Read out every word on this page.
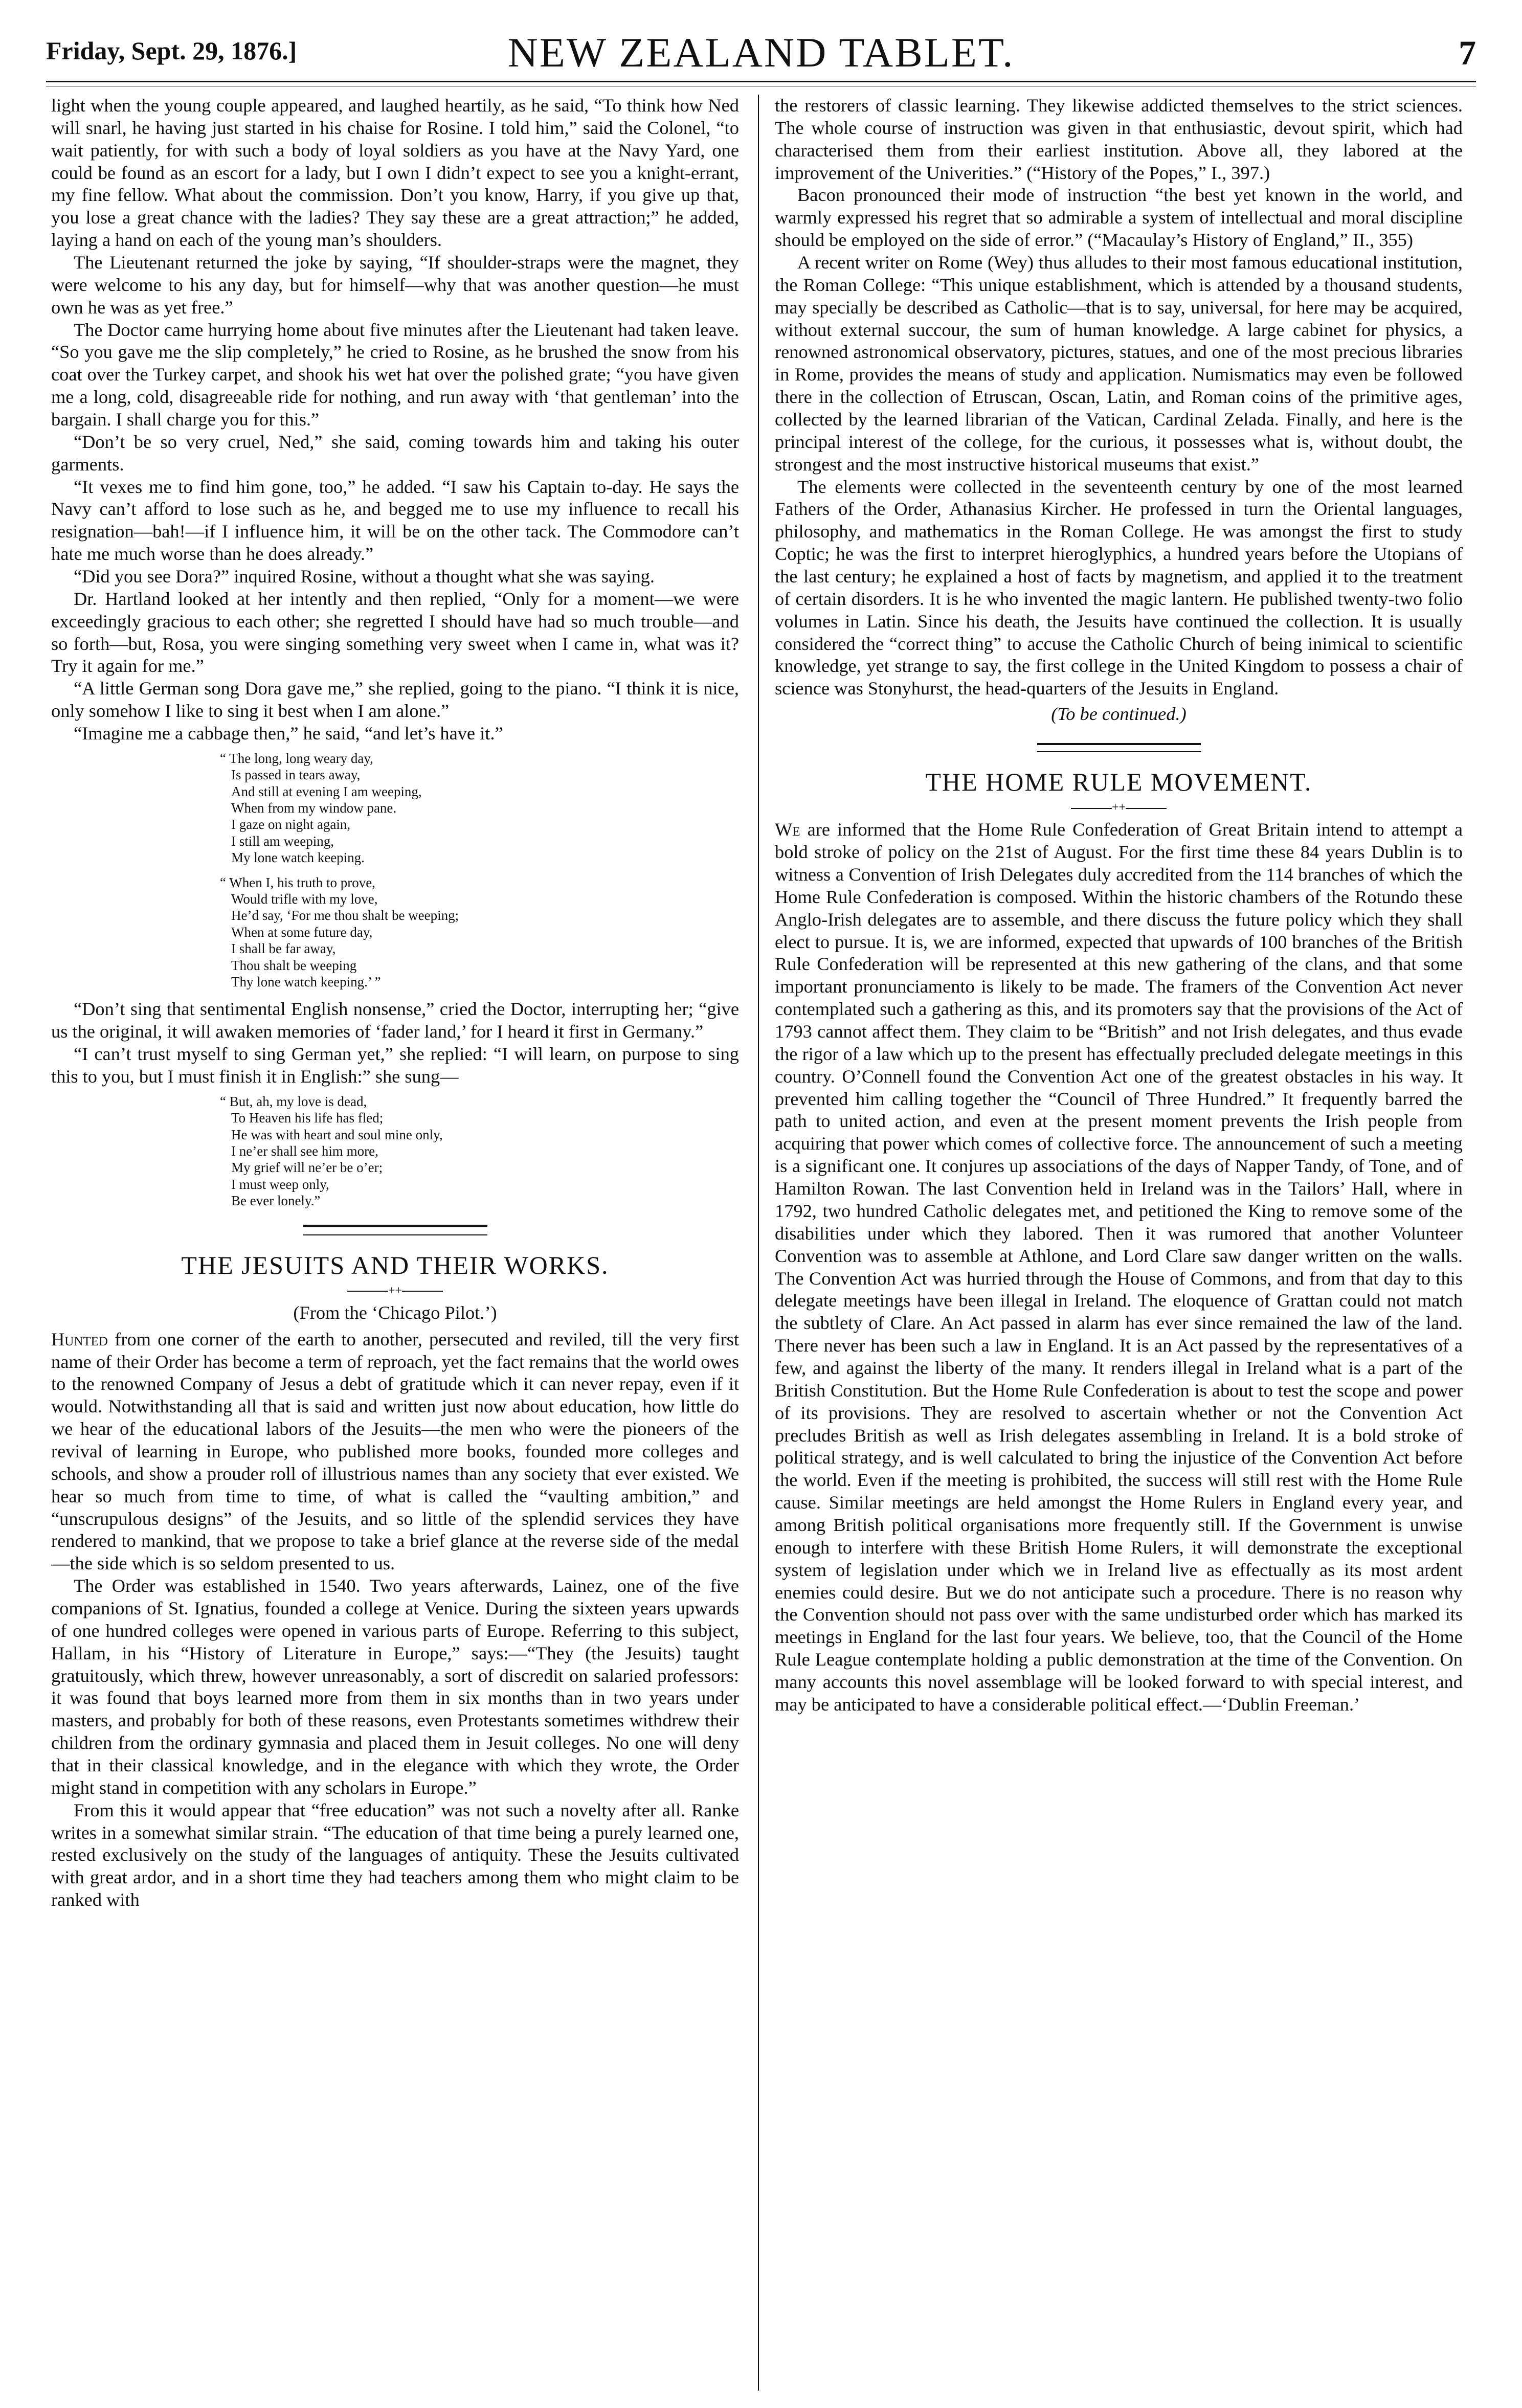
Friday, Sept. 29, 1876.]	NEW ZEALAND TABLET.	7

light when the young couple appeared, and laughed heartily, as he said, “To think how Ned will snarl, he having just started in his chaise for Rosine. I told him,” said the Colonel, “to wait patiently, for with such a body of loyal soldiers as you have at the Navy Yard, one could be found as an escort for a lady, but I own I didn’t expect to see you a knight-errant, my fine fellow. What about the commission. Don’t you know, Harry, if you give up that, you lose a great chance with the ladies? They say these are a great attraction;” he added, laying a hand on each of the young man’s shoulders.

The Lieutenant returned the joke by saying, “If shoulder-straps were the magnet, they were welcome to his any day, but for himself—why that was another question—he must own he was as yet free.”

The Doctor came hurrying home about five minutes after the Lieutenant had taken leave. “So you gave me the slip completely,” he cried to Rosine, as he brushed the snow from his coat over the Turkey carpet, and shook his wet hat over the polished grate; “you have given me a long, cold, disagreeable ride for nothing, and run away with ‘that gentleman’ into the bargain. I shall charge you for this.”

“Don’t be so very cruel, Ned,” she said, coming towards him and taking his outer garments.

“It vexes me to find him gone, too,” he added. “I saw his Captain to-day. He says the Navy can’t afford to lose such as he, and begged me to use my influence to recall his resignation—bah!—if I influence him, it will be on the other tack. The Commodore can’t hate me much worse than he does already.”

“Did you see Dora?” inquired Rosine, without a thought what she was saying.

Dr. Hartland looked at her intently and then replied, “Only for a moment—we were exceedingly gracious to each other; she regretted I should have had so much trouble—and so forth—but, Rosa, you were singing something very sweet when I came in, what was it? Try it again for me.”

“A little German song Dora gave me,” she replied, going to the piano. “I think it is nice, only somehow I like to sing it best when I am alone.”

“Imagine me a cabbage then,” he said, “and let’s have it.”

“ The long, long weary day,
Is passed in tears away,
And still at evening I am weeping,
When from my window pane.
I gaze on night again,
I still am weeping,
My lone watch keeping.
“ When I, his truth to prove,
Would trifle with my love,
He’d say, ‘For me thou shalt be weeping;
When at some future day,
I shall be far away,
Thou shalt be weeping
Thy lone watch keeping.’ ”

“Don’t sing that sentimental English nonsense,” cried the Doctor, interrupting her; “give us the original, it will awaken memories of ‘fader land,’ for I heard it first in Germany.”

“I can’t trust myself to sing German yet,” she replied: “I will learn, on purpose to sing this to you, but I must finish it in English:” she sung—

“ But, ah, my love is dead,
To Heaven his life has fled;
He was with heart and soul mine only,
I ne’er shall see him more,
My grief will ne’er be o’er;
I must weep only,
Be ever lonely.”
THE JESUITS AND THEIR WORKS.
++
(From the ‘Chicago Pilot.’)

Hunted from one corner of the earth to another, persecuted and reviled, till the very first name of their Order has become a term of reproach, yet the fact remains that the world owes to the renowned Company of Jesus a debt of gratitude which it can never repay, even if it would. Notwithstanding all that is said and written just now about education, how little do we hear of the educational labors of the Jesuits—the men who were the pioneers of the revival of learning in Europe, who published more books, founded more colleges and schools, and show a prouder roll of illustrious names than any society that ever existed. We hear so much from time to time, of what is called the “vaulting ambition,” and “unscrupulous designs” of the Jesuits, and so little of the splendid services they have rendered to mankind, that we propose to take a brief glance at the reverse side of the medal—the side which is so seldom presented to us.

The Order was established in 1540. Two years afterwards, Lainez, one of the five companions of St. Ignatius, founded a college at Venice. During the sixteen years upwards of one hundred colleges were opened in various parts of Europe. Referring to this subject, Hallam, in his “History of Literature in Europe,” says:—“They (the Jesuits) taught gratuitously, which threw, however unreasonably, a sort of discredit on salaried professors: it was found that boys learned more from them in six months than in two years under masters, and probably for both of these reasons, even Protestants sometimes withdrew their children from the ordinary gymnasia and placed them in Jesuit colleges. No one will deny that in their classical knowledge, and in the elegance with which they wrote, the Order might stand in competition with any scholars in Europe.”

From this it would appear that “free education” was not such a novelty after all. Ranke writes in a somewhat similar strain. “The education of that time being a purely learned one, rested exclusively on the study of the languages of antiquity. These the Jesuits cultivated with great ardor, and in a short time they had teachers among them who might claim to be ranked with

the restorers of classic learning. They likewise addicted themselves to the strict sciences. The whole course of instruction was given in that enthusiastic, devout spirit, which had characterised them from their earliest institution. Above all, they labored at the improvement of the Univerities.” (“History of the Popes,” I., 397.)

Bacon pronounced their mode of instruction “the best yet known in the world, and warmly expressed his regret that so admirable a system of intellectual and moral discipline should be employed on the side of error.” (“Macaulay’s History of England,” II., 355)

A recent writer on Rome (Wey) thus alludes to their most famous educational institution, the Roman College: “This unique establishment, which is attended by a thousand students, may specially be described as Catholic—that is to say, universal, for here may be acquired, without external succour, the sum of human knowledge. A large cabinet for physics, a renowned astronomical observatory, pictures, statues, and one of the most precious libraries in Rome, provides the means of study and application. Numismatics may even be followed there in the collection of Etruscan, Oscan, Latin, and Roman coins of the primitive ages, collected by the learned librarian of the Vatican, Cardinal Zelada. Finally, and here is the principal interest of the college, for the curious, it possesses what is, without doubt, the strongest and the most instructive historical museums that exist.”

The elements were collected in the seventeenth century by one of the most learned Fathers of the Order, Athanasius Kircher. He professed in turn the Oriental languages, philosophy, and mathematics in the Roman College. He was amongst the first to study Coptic; he was the first to interpret hieroglyphics, a hundred years before the Utopians of the last century; he explained a host of facts by magnetism, and applied it to the treatment of certain disorders. It is he who invented the magic lantern. He published twenty-two folio volumes in Latin. Since his death, the Jesuits have continued the collection. It is usually considered the “correct thing” to accuse the Catholic Church of being inimical to scientific knowledge, yet strange to say, the first college in the United Kingdom to possess a chair of science was Stonyhurst, the head-quarters of the Jesuits in England.

(To be continued.)
THE HOME RULE MOVEMENT.
++

We are informed that the Home Rule Confederation of Great Britain intend to attempt a bold stroke of policy on the 21st of August. For the first time these 84 years Dublin is to witness a Convention of Irish Delegates duly accredited from the 114 branches of which the Home Rule Confederation is composed. Within the historic chambers of the Rotundo these Anglo-Irish delegates are to assemble, and there discuss the future policy which they shall elect to pursue. It is, we are informed, expected that upwards of 100 branches of the British Rule Confederation will be represented at this new gathering of the clans, and that some important pronunciamento is likely to be made. The framers of the Convention Act never contemplated such a gathering as this, and its promoters say that the provisions of the Act of 1793 cannot affect them. They claim to be “British” and not Irish delegates, and thus evade the rigor of a law which up to the present has effectually precluded delegate meetings in this country. O’Connell found the Convention Act one of the greatest obstacles in his way. It prevented him calling together the “Council of Three Hundred.” It frequently barred the path to united action, and even at the present moment prevents the Irish people from acquiring that power which comes of collective force. The announcement of such a meeting is a significant one. It conjures up associations of the days of Napper Tandy, of Tone, and of Hamilton Rowan. The last Convention held in Ireland was in the Tailors’ Hall, where in 1792, two hundred Catholic delegates met, and petitioned the King to remove some of the disabilities under which they labored. Then it was rumored that another Volunteer Convention was to assemble at Athlone, and Lord Clare saw danger written on the walls. The Convention Act was hurried through the House of Commons, and from that day to this delegate meetings have been illegal in Ireland. The eloquence of Grattan could not match the subtlety of Clare. An Act passed in alarm has ever since remained the law of the land. There never has been such a law in England. It is an Act passed by the representatives of a few, and against the liberty of the many. It renders illegal in Ireland what is a part of the British Constitution. But the Home Rule Confederation is about to test the scope and power of its provisions. They are resolved to ascertain whether or not the Convention Act precludes British as well as Irish delegates assembling in Ireland. It is a bold stroke of political strategy, and is well calculated to bring the injustice of the Convention Act before the world. Even if the meeting is prohibited, the success will still rest with the Home Rule cause. Similar meetings are held amongst the Home Rulers in England every year, and among British political organisations more frequently still. If the Government is unwise enough to interfere with these British Home Rulers, it will demonstrate the exceptional system of legislation under which we in Ireland live as effectually as its most ardent enemies could desire. But we do not anticipate such a procedure. There is no reason why the Convention should not pass over with the same undisturbed order which has marked its meetings in England for the last four years. We believe, too, that the Council of the Home Rule League contemplate holding a public demonstration at the time of the Convention. On many accounts this novel assemblage will be looked forward to with special interest, and may be anticipated to have a considerable political effect.—‘Dublin Freeman.’
